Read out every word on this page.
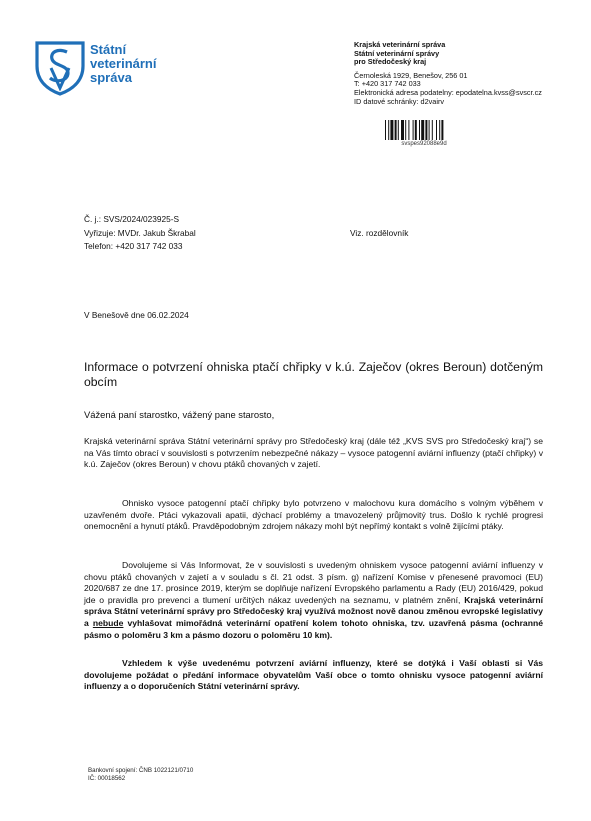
Státní
veterinární
správa
Krajská veterinární správa
Státní veterinární správy
pro Středočeský kraj
Černoleská 1929, Benešov, 256 01
T: +420 317 742 033
Elektronická adresa podatelny: epodatelna.kvss@svscr.cz
ID datové schránky: d2vairv
svspes92088e9d
Č. j.: SVS/2024/023925-S
Vyřizuje: MVDr. Jakub Škrabal
Telefon: +420 317 742 033
Viz. rozdělovník
V Benešově dne 06.02.2024
Informace o potvrzení ohniska ptačí chřipky v k.ú. Zaječov (okres Beroun) dotčeným obcím
Vážená paní starostko, vážený pane starosto,
Krajská veterinární správa Státní veterinární správy pro Středočeský kraj (dále též „KVS SVS pro Středočeský kraj“) se na Vás tímto obrací v souvislosti s potvrzením nebezpečné nákazy – vysoce patogenní aviární influenzy (ptačí chřipky) v k.ú. Zaječov (okres Beroun) v chovu ptáků chovaných v zajetí.
Ohnisko vysoce patogenní ptačí chřipky bylo potvrzeno v malochovu kura domácího s volným výběhem v uzavřeném dvoře. Ptáci vykazovali apatii, dýchací problémy a tmavozelený průjmovitý trus. Došlo k rychlé progresi onemocnění a hynutí ptáků. Pravděpodobným zdrojem nákazy mohl být nepřímý kontakt s volně žijícími ptáky.
Dovolujeme si Vás Informovat, že v souvislosti s uvedeným ohniskem vysoce patogenní aviární influenzy v chovu ptáků chovaných v zajetí a v souladu s čl. 21 odst. 3 písm. g) nařízení Komise v přenesené pravomoci (EU) 2020/687 ze dne 17. prosince 2019, kterým se doplňuje nařízení Evropského parlamentu a Rady (EU) 2016/429, pokud jde o pravidla pro prevenci a tlumení určitých nákaz uvedených na seznamu, v platném znění, Krajská veterinární správa Státní veterinární správy pro Středočeský kraj využívá možnost nově danou změnou evropské legislativy a nebude vyhlašovat mimořádná veterinární opatření kolem tohoto ohniska, tzv. uzavřená pásma (ochranné pásmo o poloměru 3 km a pásmo dozoru o poloměru 10 km).
Vzhledem k výše uvedenému potvrzení aviární influenzy, které se dotýká i Vaší oblasti si Vás dovolujeme požádat o předání informace obyvatelům Vaší obce o tomto ohnisku vysoce patogenní aviární influenzy a o doporučeních Státní veterinární správy.
Bankovní spojení: ČNB 1022121/0710
IČ: 00018562
